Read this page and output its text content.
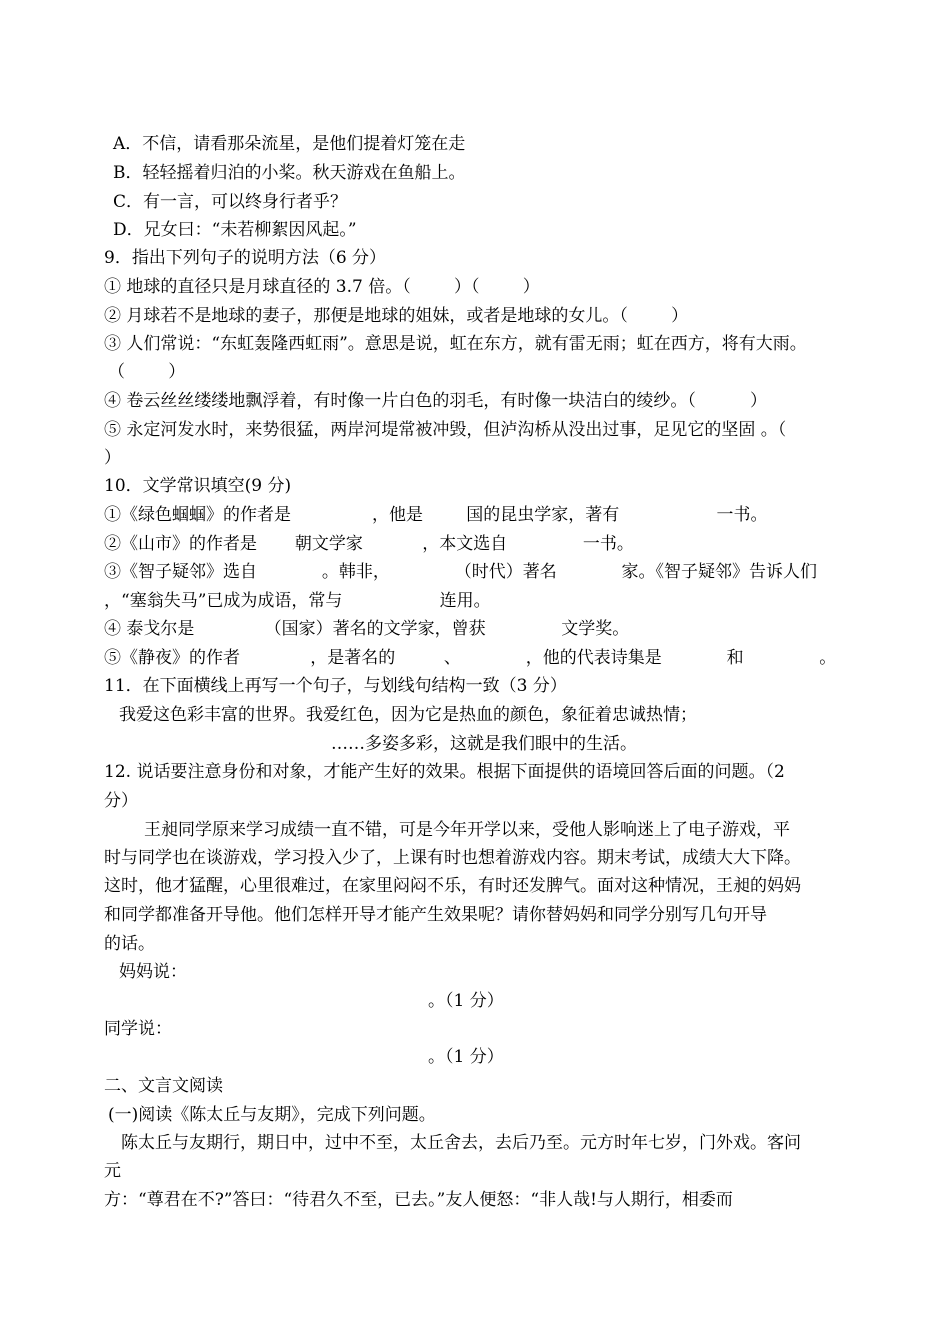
A．不信，请看那朵流星，是他们提着灯笼在走
B．轻轻摇着归泊的小桨。秋天游戏在鱼船上。
C．有一言，可以终身行者乎？
D．兄女曰：“未若柳絮因风起。”
9．指出下列句子的说明方法（6 分）
① 地球的直径只是月球直径的 3.7 倍。（        ）（        ）
② 月球若不是地球的妻子，那便是地球的姐妹，或者是地球的女儿。（        ）
③ 人们常说：“东虹轰隆西虹雨”。意思是说，虹在东方，就有雷无雨；虹在西方，将有大雨。
（        ）
④ 卷云丝丝缕缕地飘浮着，有时像一片白色的羽毛，有时像一块洁白的绫纱。（          ）
⑤ 永定河发水时，来势很猛，两岸河堤常被冲毁，但泸沟桥从没出过事，足见它的坚固 。（
）
10．文学常识填空(9 分)
①《绿色蝈蝈》的作者是               ，他是        国的昆虫学家，著有                  一书。
②《山市》的作者是       朝文学家           ，本文选自              一书。
③《智子疑邻》选自            。韩非，            （时代）著名            家。《智子疑邻》告诉人们
，“塞翁失马”已成为成语，常与                  连用。
④ 泰戈尔是             （国家）著名的文学家，曾获              文学奖。
⑤《静夜》的作者             ，是著名的         、            ，他的代表诗集是            和              。
11．在下面横线上再写一个句子，与划线句结构一致（3 分）
我爱这色彩丰富的世界。我爱红色，因为它是热血的颜色，象征着忠诚热情；
……多姿多彩，这就是我们眼中的生活。
12. 说话要注意身份和对象，才能产生好的效果。根据下面提供的语境回答后面的问题。（2
分）
王昶同学原来学习成绩一直不错，可是今年开学以来，受他人影响迷上了电子游戏，平
时与同学也在谈游戏，学习投入少了，上课有时也想着游戏内容。期末考试，成绩大大下降。
这时，他才猛醒，心里很难过，在家里闷闷不乐，有时还发脾气。面对这种情况，王昶的妈妈
和同学都准备开导他。他们怎样开导才能产生效果呢？请你替妈妈和同学分别写几句开导
的话。
妈妈说：
。（1 分）
同学说：
。（1 分）
二、文言文阅读
(一)阅读《陈太丘与友期》，完成下列问题。
陈太丘与友期行，期日中，过中不至，太丘舍去，去后乃至。元方时年七岁，门外戏。客问
元
方：“尊君在不?”答曰：“待君久不至，已去。”友人便怒：“非人哉!与人期行，相委而
